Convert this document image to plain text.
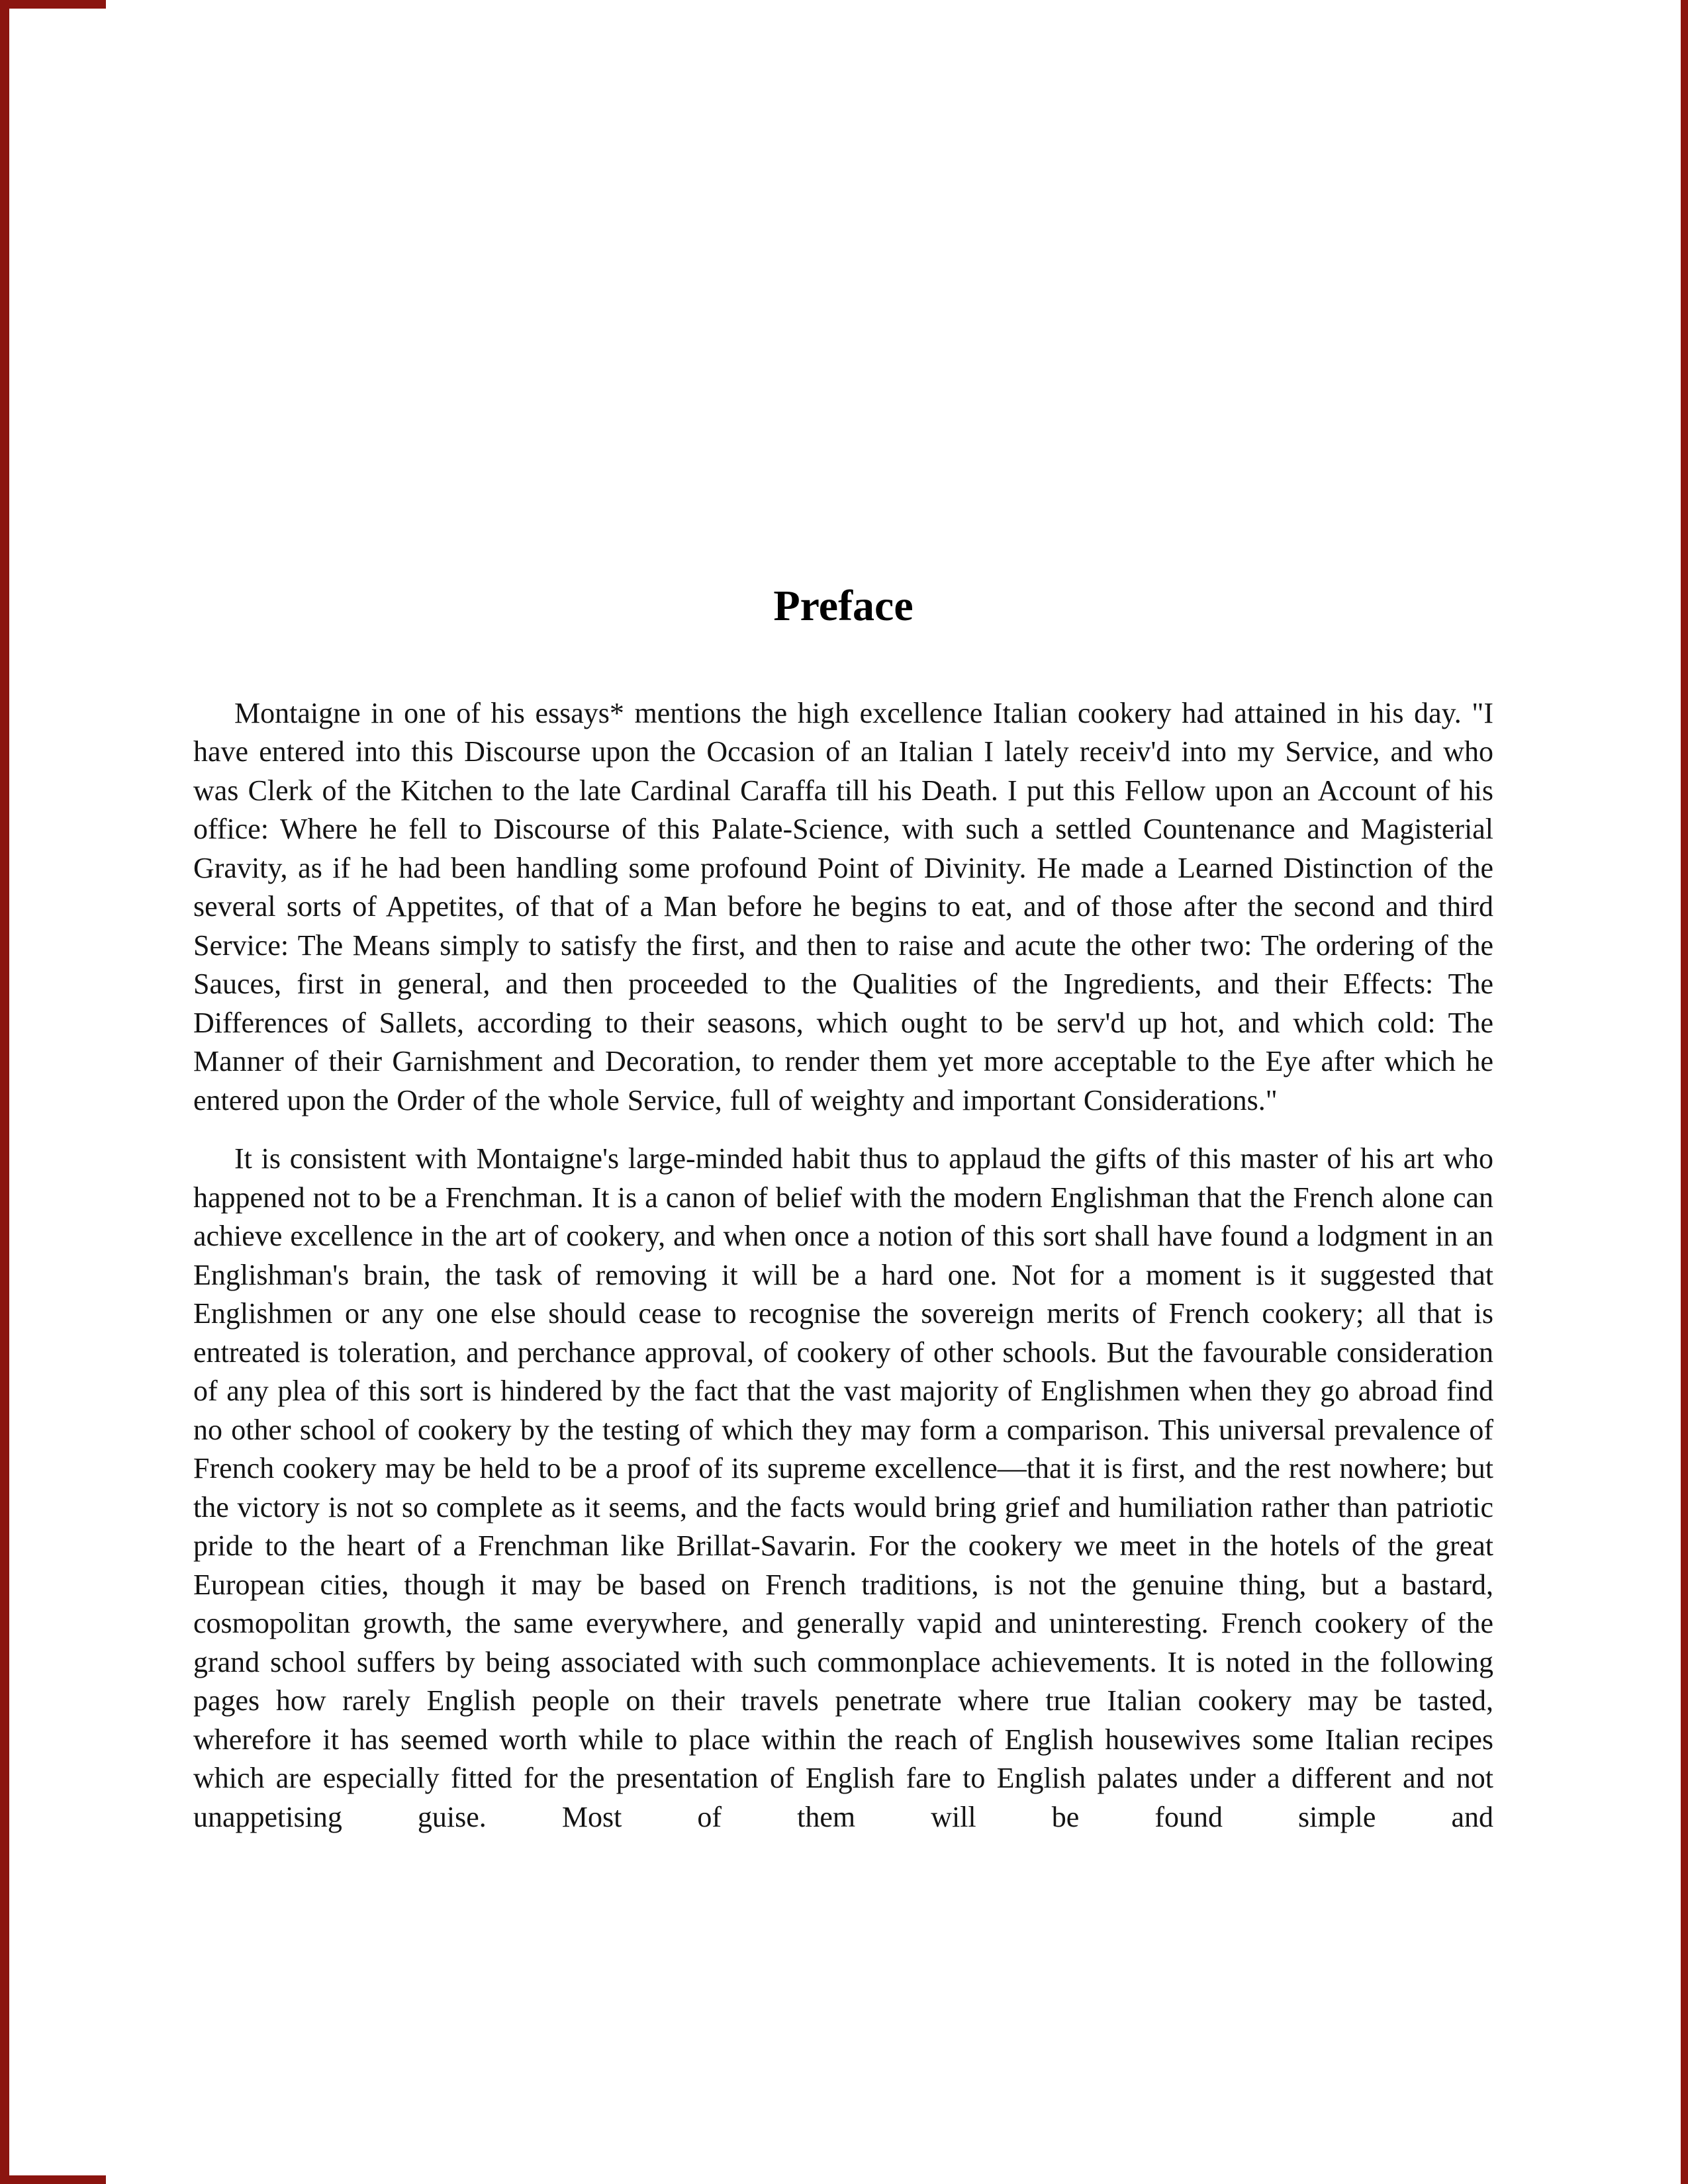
Preface

Montaigne in one of his essays* mentions the high excellence Italian cookery had attained in his day. "I have entered into this Discourse upon the Occasion of an Italian I lately receiv'd into my Service, and who was Clerk of the Kitchen to the late Cardinal Caraffa till his Death. I put this Fellow upon an Account of his office: Where he fell to Discourse of this Palate-Science, with such a settled Countenance and Magisterial Gravity, as if he had been handling some profound Point of Divinity. He made a Learned Distinction of the several sorts of Appetites, of that of a Man before he begins to eat, and of those after the second and third Service: The Means simply to satisfy the first, and then to raise and acute the other two: The ordering of the Sauces, first in general, and then proceeded to the Qualities of the Ingredients, and their Effects: The Differences of Sallets, according to their seasons, which ought to be serv'd up hot, and which cold: The Manner of their Garnishment and Decoration, to render them yet more acceptable to the Eye after which he entered upon the Order of the whole Service, full of weighty and important Considerations."

It is consistent with Montaigne's large-minded habit thus to applaud the gifts of this master of his art who happened not to be a Frenchman. It is a canon of belief with the modern Englishman that the French alone can achieve excellence in the art of cookery, and when once a notion of this sort shall have found a lodgment in an Englishman's brain, the task of removing it will be a hard one. Not for a moment is it suggested that Englishmen or any one else should cease to recognise the sovereign merits of French cookery; all that is entreated is toleration, and perchance approval, of cookery of other schools. But the favourable consideration of any plea of this sort is hindered by the fact that the vast majority of Englishmen when they go abroad find no other school of cookery by the testing of which they may form a comparison. This universal prevalence of French cookery may be held to be a proof of its supreme excellence—that it is first, and the rest nowhere; but the victory is not so complete as it seems, and the facts would bring grief and humiliation rather than patriotic pride to the heart of a Frenchman like Brillat-Savarin. For the cookery we meet in the hotels of the great European cities, though it may be based on French traditions, is not the genuine thing, but a bastard, cosmopolitan growth, the same everywhere, and generally vapid and uninteresting. French cookery of the grand school suffers by being associated with such commonplace achievements. It is noted in the following pages how rarely English people on their travels penetrate where true Italian cookery may be tasted, wherefore it has seemed worth while to place within the reach of English housewives some Italian recipes which are especially fitted for the presentation of English fare to English palates under a different and not unappetising guise. Most of them will be found simple and
